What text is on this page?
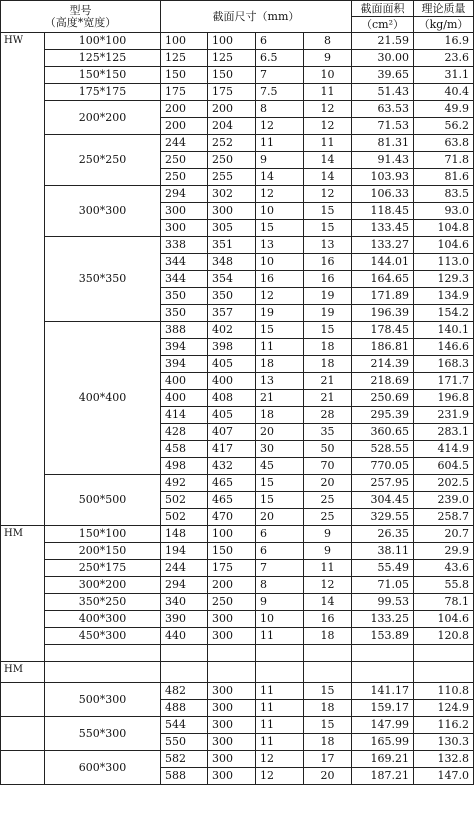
型号
（高度*宽度）		截面尺寸（mm）				截面面积	理论质量
						（cm²）	（kg/m）
HW	100*100	100	100	6	8	21.59	16.9
	125*125	125	125	6.5	9	30.00	23.6
	150*150	150	150	7	10	39.65	31.1
	175*175	175	175	7.5	11	51.43	40.4
	200*200	200	200	8	12	63.53	49.9
		200	204	12	12	71.53	56.2
	250*250	244	252	11	11	81.31	63.8
		250	250	9	14	91.43	71.8
		250	255	14	14	103.93	81.6
	300*300	294	302	12	12	106.33	83.5
		300	300	10	15	118.45	93.0
		300	305	15	15	133.45	104.8
	350*350	338	351	13	13	133.27	104.6
		344	348	10	16	144.01	113.0
		344	354	16	16	164.65	129.3
		350	350	12	19	171.89	134.9
		350	357	19	19	196.39	154.2
	400*400	388	402	15	15	178.45	140.1
		394	398	11	18	186.81	146.6
		394	405	18	18	214.39	168.3
		400	400	13	21	218.69	171.7
		400	408	21	21	250.69	196.8
		414	405	18	28	295.39	231.9
		428	407	20	35	360.65	283.1
		458	417	30	50	528.55	414.9
		498	432	45	70	770.05	604.5
	500*500	492	465	15	20	257.95	202.5
		502	465	15	25	304.45	239.0
		502	470	20	25	329.55	258.7
HM	150*100	148	100	6	9	26.35	20.7
	200*150	194	150	6	9	38.11	29.9
	250*175	244	175	7	11	55.49	43.6
	300*200	294	200	8	12	71.05	55.8
	350*250	340	250	9	14	99.53	78.1
	400*300	390	300	10	16	133.25	104.6
	450*300	440	300	11	18	153.89	120.8

HM							
	500*300	482	300	11	15	141.17	110.8
		488	300	11	18	159.17	124.9
	550*300	544	300	11	15	147.99	116.2
		550	300	11	18	165.99	130.3
	600*300	582	300	12	17	169.21	132.8
		588	300	12	20	187.21	147.0
